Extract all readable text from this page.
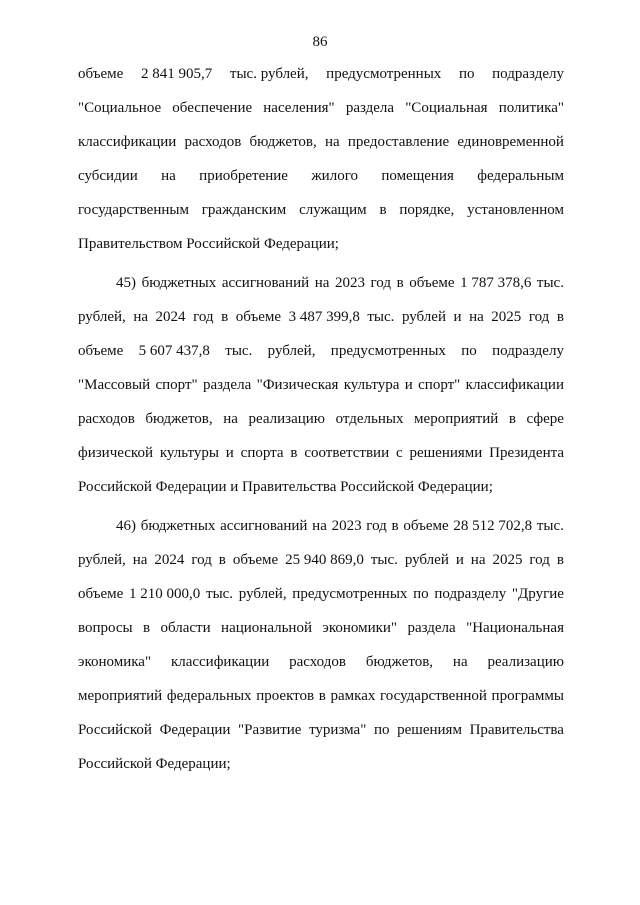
86
объеме 2 841 905,7 тыс. рублей, предусмотренных по подразделу
"Социальное обеспечение населения" раздела "Социальная политика"
классификации расходов бюджетов, на предоставление единовременной
субсидии на приобретение жилого помещения федеральным
государственным гражданским служащим в порядке, установленном
Правительством Российской Федерации;
45) бюджетных ассигнований на 2023 год в объеме 1 787 378,6 тыс.
рублей, на 2024 год в объеме 3 487 399,8 тыс. рублей и на 2025 год в
объеме 5 607 437,8 тыс. рублей, предусмотренных по подразделу
"Массовый спорт" раздела "Физическая культура и спорт" классификации
расходов бюджетов, на реализацию отдельных мероприятий в сфере
физической культуры и спорта в соответствии с решениями Президента
Российской Федерации и Правительства Российской Федерации;
46) бюджетных ассигнований на 2023 год в объеме 28 512 702,8 тыс.
рублей, на 2024 год в объеме 25 940 869,0 тыс. рублей и на 2025 год в
объеме 1 210 000,0 тыс. рублей, предусмотренных по подразделу "Другие
вопросы в области национальной экономики" раздела "Национальная
экономика" классификации расходов бюджетов, на реализацию
мероприятий федеральных проектов в рамках государственной программы
Российской Федерации "Развитие туризма" по решениям Правительства
Российской Федерации;
